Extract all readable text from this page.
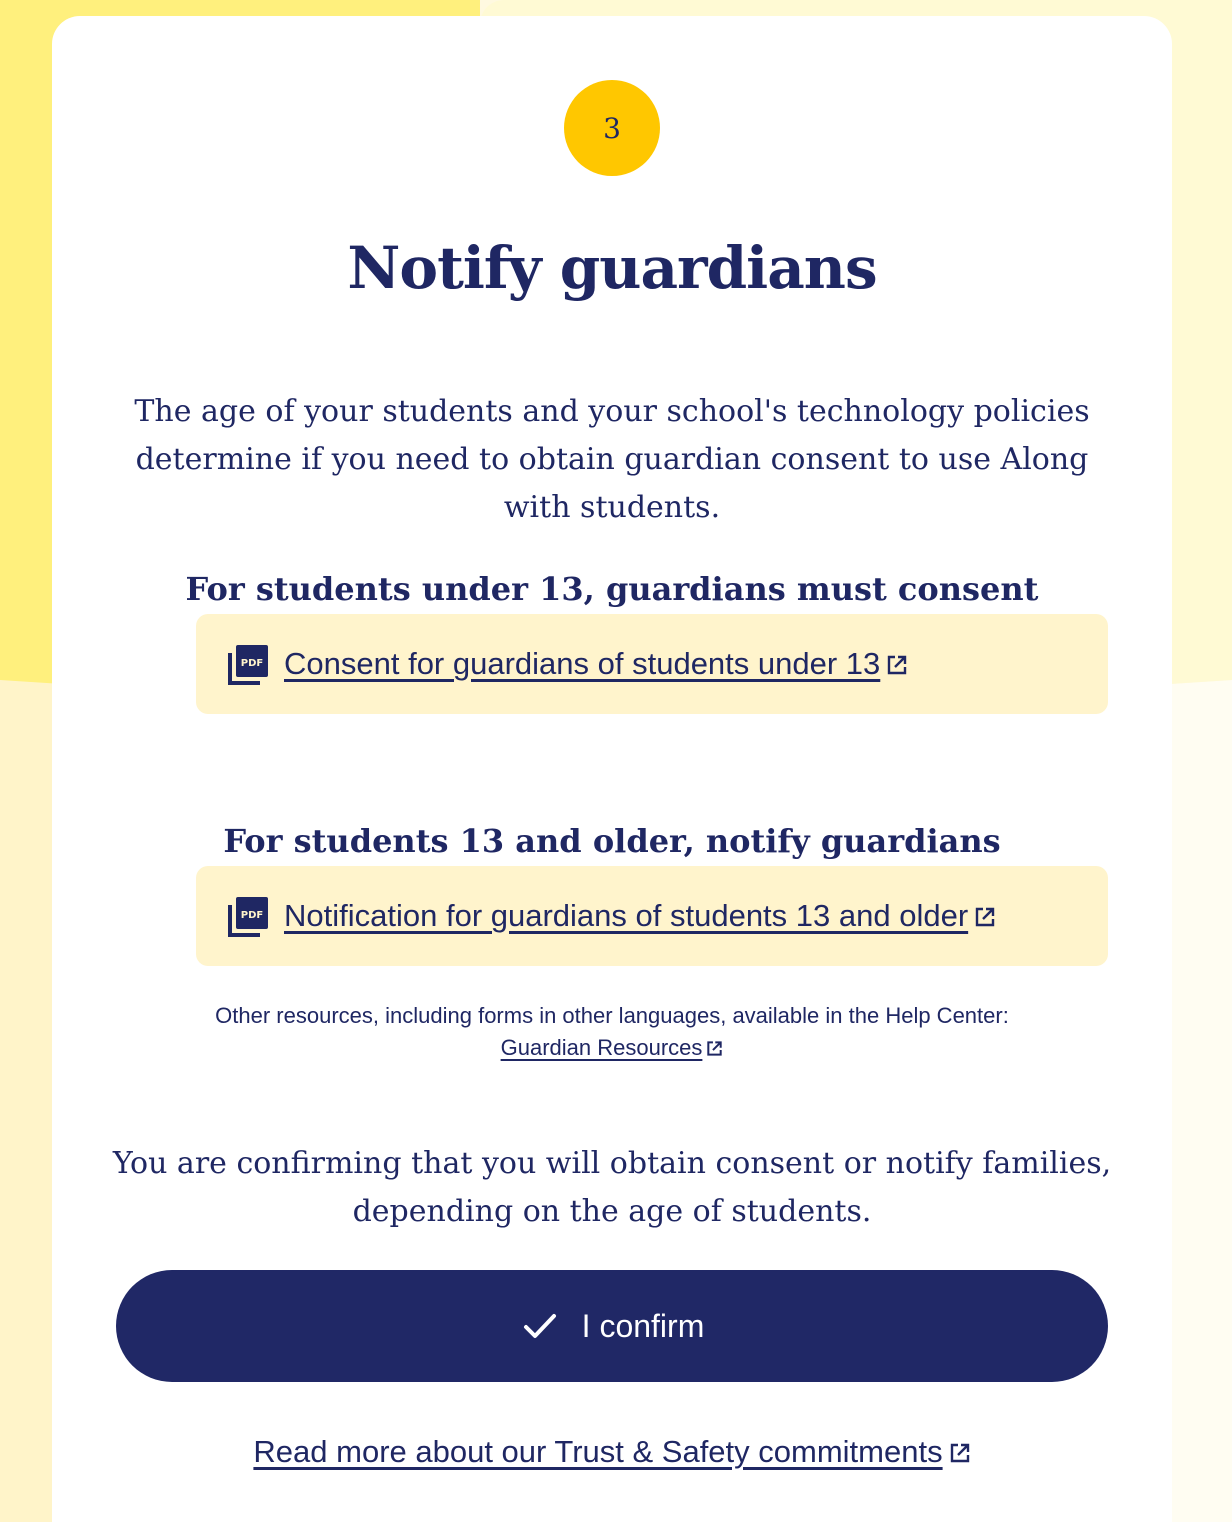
3
Notify guardians

The age of your students and your school's technology policies determine if you need to obtain guardian consent to use Along with students.

For students under 13, guardians must consent
PDF Consent for guardians of students under 13
For students 13 and older, notify guardians
PDF Notification for guardians of students 13 and older
Other resources, including forms in other languages, available in the Help Center:
Guardian Resources

You are confirming that you will obtain consent or notify families, depending on the age of students.

I confirm
Read more about our Trust & Safety commitments
